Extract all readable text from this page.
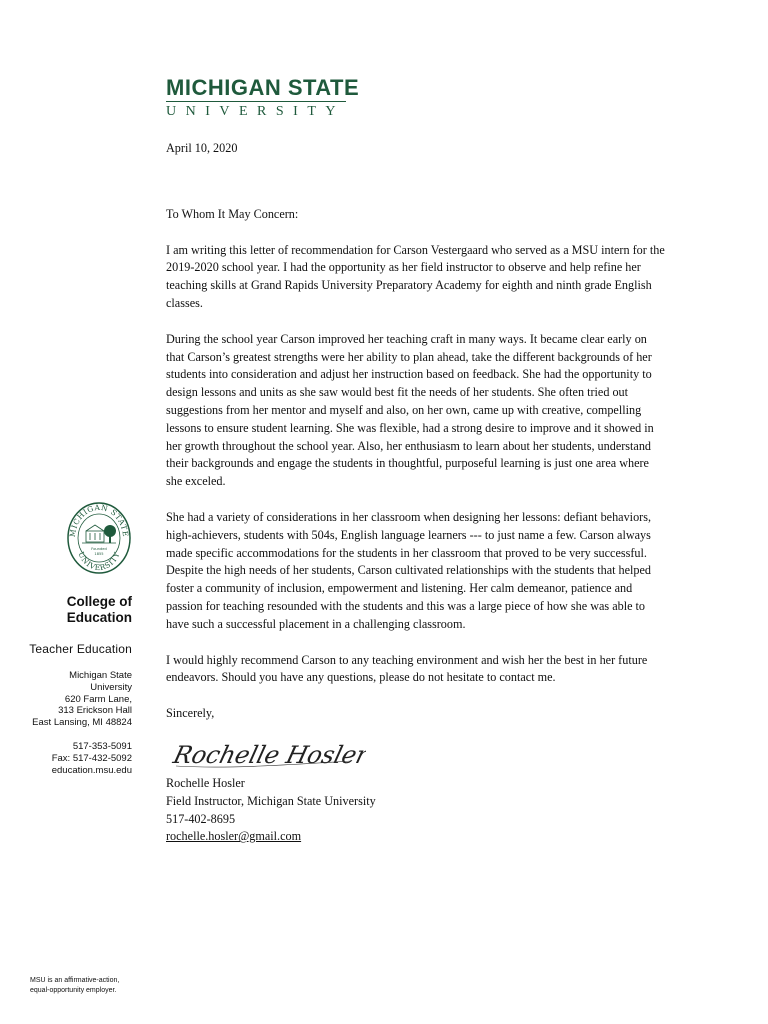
MICHIGAN STATE
UNIVERSITY

April 10, 2020

To Whom It May Concern:

I am writing this letter of recommendation for Carson Vestergaard who served as a MSU intern for the 2019-2020 school year. I had the opportunity as her field instructor to observe and help refine her teaching skills at Grand Rapids University Preparatory Academy for eighth and ninth grade English classes.

During the school year Carson improved her teaching craft in many ways. It became clear early on that Carson’s greatest strengths were her ability to plan ahead, take the different backgrounds of her students into consideration and adjust her instruction based on feedback. She had the opportunity to design lessons and units as she saw would best fit the needs of her students. She often tried out suggestions from her mentor and myself and also, on her own, came up with creative, compelling lessons to ensure student learning. She was flexible, had a strong desire to improve and it showed in her growth throughout the school year. Also, her enthusiasm to learn about her students, understand their backgrounds and engage the students in thoughtful, purposeful learning is just one area where she exceled.

She had a variety of considerations in her classroom when designing her lessons: defiant behaviors, high-achievers, students with 504s, English language learners --- to just name a few. Carson always made specific accommodations for the students in her classroom that proved to be very successful. Despite the high needs of her students, Carson cultivated relationships with the students that helped foster a community of inclusion, empowerment and listening. Her calm demeanor, patience and passion for teaching resounded with the students and this was a large piece of how she was able to have such a successful placement in a challenging classroom.

I would highly recommend Carson to any teaching environment and wish her the best in her future endeavors. Should you have any questions, please do not hesitate to contact me.

Sincerely,

Rochelle Hosler

Rochelle Hosler

Field Instructor, Michigan State University

517-402-8695

rochelle.hosler@gmail.com

MICHIGAN STATE
UNIVERSITY
Founded
1855
College of Education
Teacher Education
Michigan State
University
620 Farm Lane,
313 Erickson Hall
East Lansing, MI 48824
517-353-5091
Fax: 517-432-5092
education.msu.edu
MSU is an affirmative-action,
equal-opportunity employer.
